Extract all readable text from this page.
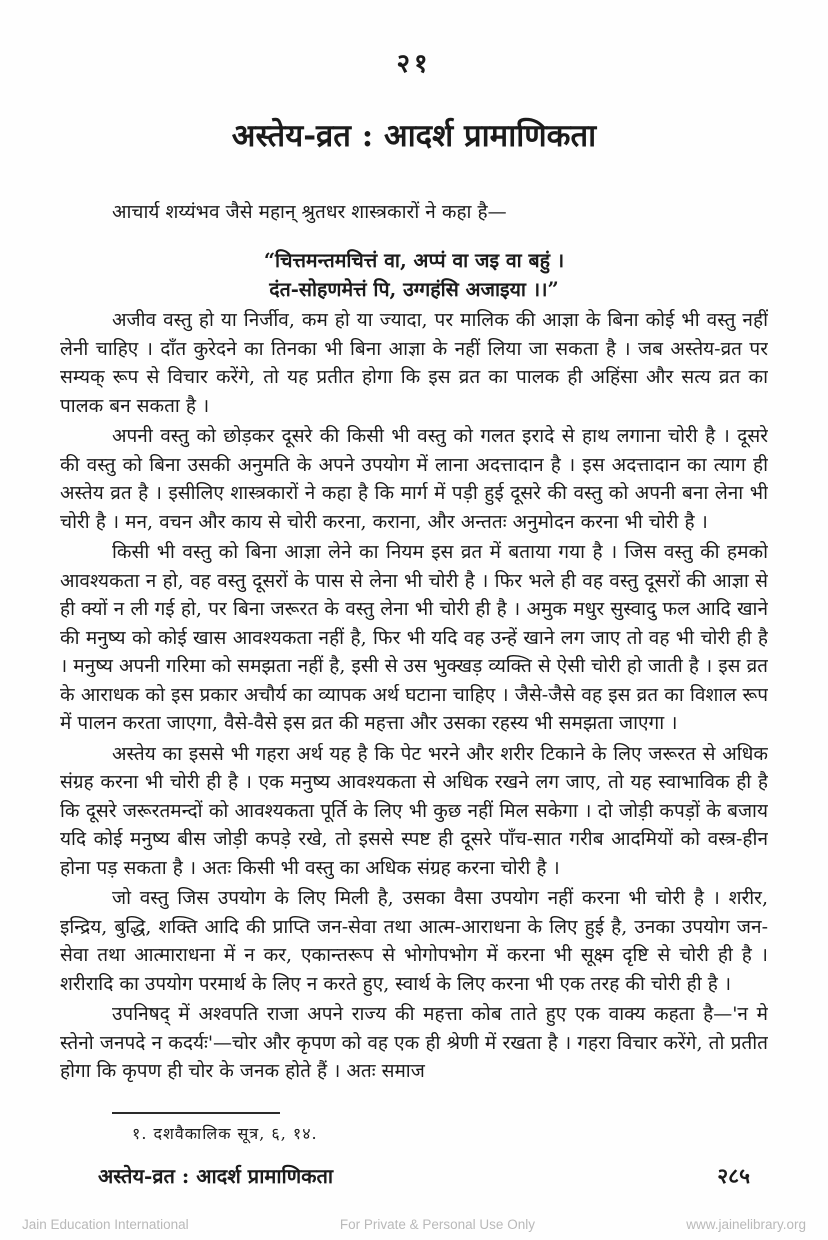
२१
अस्तेय-व्रत : आदर्श प्रामाणिकता

आचार्य शय्यंभव जैसे महान् श्रुतधर शास्त्रकारों ने कहा है—

“चित्तमन्तमचित्तं वा, अप्पं वा जइ वा बहुं ।
दंत-सोहणमेत्तं पि, उग्गहंसि अजाइया ।।”

अजीव वस्तु हो या निर्जीव, कम हो या ज्यादा, पर मालिक की आज्ञा के बिना कोई भी वस्तु नहीं लेनी चाहिए । दाँत कुरेदने का तिनका भी बिना आज्ञा के नहीं लिया जा सकता है । जब अस्तेय-व्रत पर सम्यक् रूप से विचार करेंगे, तो यह प्रतीत होगा कि इस व्रत का पालक ही अहिंसा और सत्य व्रत का पालक बन सकता है ।

अपनी वस्तु को छोड़कर दूसरे की किसी भी वस्तु को गलत इरादे से हाथ लगाना चोरी है । दूसरे की वस्तु को बिना उसकी अनुमति के अपने उपयोग में लाना अदत्तादान है । इस अदत्तादान का त्याग ही अस्तेय व्रत है । इसीलिए शास्त्रकारों ने कहा है कि मार्ग में पड़ी हुई दूसरे की वस्तु को अपनी बना लेना भी चोरी है । मन, वचन और काय से चोरी करना, कराना, और अन्ततः अनुमोदन करना भी चोरी है ।

किसी भी वस्तु को बिना आज्ञा लेने का नियम इस व्रत में बताया गया है । जिस वस्तु की हमको आवश्यकता न हो, वह वस्तु दूसरों के पास से लेना भी चोरी है । फिर भले ही वह वस्तु दूसरों की आज्ञा से ही क्यों न ली गई हो, पर बिना जरूरत के वस्तु लेना भी चोरी ही है । अमुक मधुर सुस्वादु फल आदि खाने की मनुष्य को कोई खास आवश्यकता नहीं है, फिर भी यदि वह उन्हें खाने लग जाए तो वह भी चोरी ही है । मनुष्य अपनी गरिमा को समझता नहीं है, इसी से उस भुक्खड़ व्यक्ति से ऐसी चोरी हो जाती है । इस व्रत के आराधक को इस प्रकार अचौर्य का व्यापक अर्थ घटाना चाहिए । जैसे-जैसे वह इस व्रत का विशाल रूप में पालन करता जाएगा, वैसे-वैसे इस व्रत की महत्ता और उसका रहस्य भी समझता जाएगा ।

अस्तेय का इससे भी गहरा अर्थ यह है कि पेट भरने और शरीर टिकाने के लिए जरूरत से अधिक संग्रह करना भी चोरी ही है । एक मनुष्य आवश्यकता से अधिक रखने लग जाए, तो यह स्वाभाविक ही है कि दूसरे जरूरतमन्दों को आवश्यकता पूर्ति के लिए भी कुछ नहीं मिल सकेगा । दो जोड़ी कपड़ों के बजाय यदि कोई मनुष्य बीस जोड़ी कपड़े रखे, तो इससे स्पष्ट ही दूसरे पाँच-सात गरीब आदमियों को वस्त्र-हीन होना पड़ सकता है । अतः किसी भी वस्तु का अधिक संग्रह करना चोरी है ।

जो वस्तु जिस उपयोग के लिए मिली है, उसका वैसा उपयोग नहीं करना भी चोरी है । शरीर, इन्द्रिय, बुद्धि, शक्ति आदि की प्राप्ति जन-सेवा तथा आत्म-आराधना के लिए हुई है, उनका उपयोग जन-सेवा तथा आत्माराधना में न कर, एकान्तरूप से भोगोपभोग में करना भी सूक्ष्म दृष्टि से चोरी ही है । शरीरादि का उपयोग परमार्थ के लिए न करते हुए, स्वार्थ के लिए करना भी एक तरह की चोरी ही है ।

उपनिषद् में अश्वपति राजा अपने राज्य की महत्ता कोब ताते हुए एक वाक्य कहता है—'न मे स्तेनो जनपदे न कदर्यः'—चोर और कृपण को वह एक ही श्रेणी में रखता है । गहरा विचार करेंगे, तो प्रतीत होगा कि कृपण ही चोर के जनक होते हैं । अतः समाज

१. दशवैकालिक सूत्र, ६, १४.
अस्तेय-व्रत : आदर्श प्रामाणिकता	२८५
Jain Education International	For Private & Personal Use Only	www.jainelibrary.org
